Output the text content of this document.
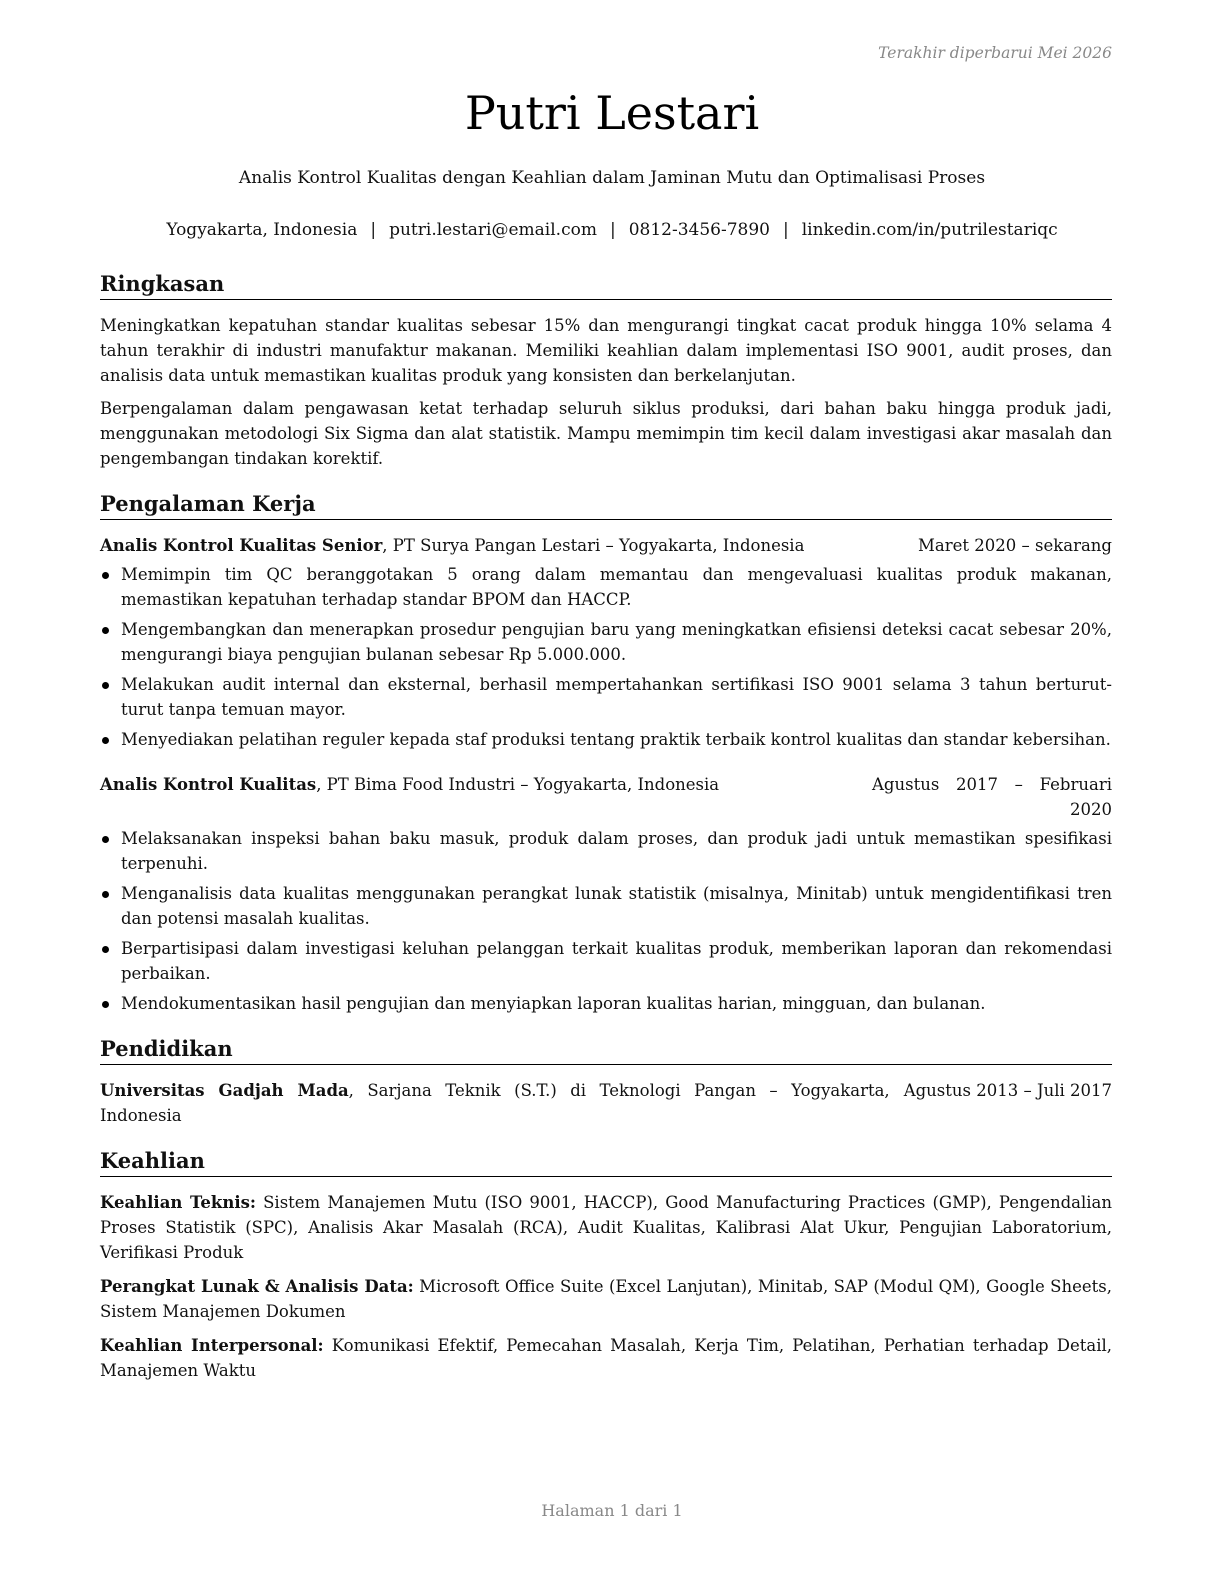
Terakhir diperbarui Mei 2026
Putri Lestari
Analis Kontrol Kualitas dengan Keahlian dalam Jaminan Mutu dan Optimalisasi Proses
Yogyakarta, Indonesia | putri.lestari@email.com | 0812-3456-7890 | linkedin.com/in/putrilestariqc
Ringkasan

Meningkatkan kepatuhan standar kualitas sebesar 15% dan mengurangi tingkat cacat produk hingga 10% selama 4 tahun terakhir di industri manufaktur makanan. Memiliki keahlian dalam implementasi ISO 9001, audit proses, dan analisis data untuk memastikan kualitas produk yang konsisten dan berkelanjutan.

Berpengalaman dalam pengawasan ketat terhadap seluruh siklus produksi, dari bahan baku hingga produk jadi, menggunakan metodologi Six Sigma dan alat statistik. Mampu memimpin tim kecil dalam investigasi akar masalah dan pengembangan tindakan korektif.

Pengalaman Kerja
Analis Kontrol Kualitas Senior, PT Surya Pangan Lestari – Yogyakarta, Indonesia	Maret 2020 – sekarang
Memimpin tim QC beranggotakan 5 orang dalam memantau dan mengevaluasi kualitas produk makanan, memastikan kepatuhan terhadap standar BPOM dan HACCP.
Mengembangkan dan menerapkan prosedur pengujian baru yang meningkatkan efisiensi deteksi cacat sebesar 20%, mengurangi biaya pengujian bulanan sebesar Rp 5.000.000.
Melakukan audit internal dan eksternal, berhasil mempertahankan sertifikasi ISO 9001 selama 3 tahun berturut-turut tanpa temuan mayor.
Menyediakan pelatihan reguler kepada staf produksi tentang praktik terbaik kontrol kualitas dan standar kebersihan.
Analis Kontrol Kualitas, PT Bima Food Industri – Yogyakarta, Indonesia	Agustus 2017 – Februari 2020
Melaksanakan inspeksi bahan baku masuk, produk dalam proses, dan produk jadi untuk memastikan spesifikasi terpenuhi.
Menganalisis data kualitas menggunakan perangkat lunak statistik (misalnya, Minitab) untuk mengidentifikasi tren dan potensi masalah kualitas.
Berpartisipasi dalam investigasi keluhan pelanggan terkait kualitas produk, memberikan laporan dan rekomendasi perbaikan.
Mendokumentasikan hasil pengujian dan menyiapkan laporan kualitas harian, mingguan, dan bulanan.
Pendidikan
Universitas Gadjah Mada, Sarjana Teknik (S.T.) di Teknologi Pangan – Yogyakarta, Indonesia
Agustus 2013 – Juli 2017
Keahlian

Keahlian Teknis: Sistem Manajemen Mutu (ISO 9001, HACCP), Good Manufacturing Practices (GMP), Pengendalian Proses Statistik (SPC), Analisis Akar Masalah (RCA), Audit Kualitas, Kalibrasi Alat Ukur, Pengujian Laboratorium, Verifikasi Produk

Perangkat Lunak & Analisis Data: Microsoft Office Suite (Excel Lanjutan), Minitab, SAP (Modul QM), Google Sheets, Sistem Manajemen Dokumen

Keahlian Interpersonal: Komunikasi Efektif, Pemecahan Masalah, Kerja Tim, Pelatihan, Perhatian terhadap Detail, Manajemen Waktu

Halaman 1 dari 1
